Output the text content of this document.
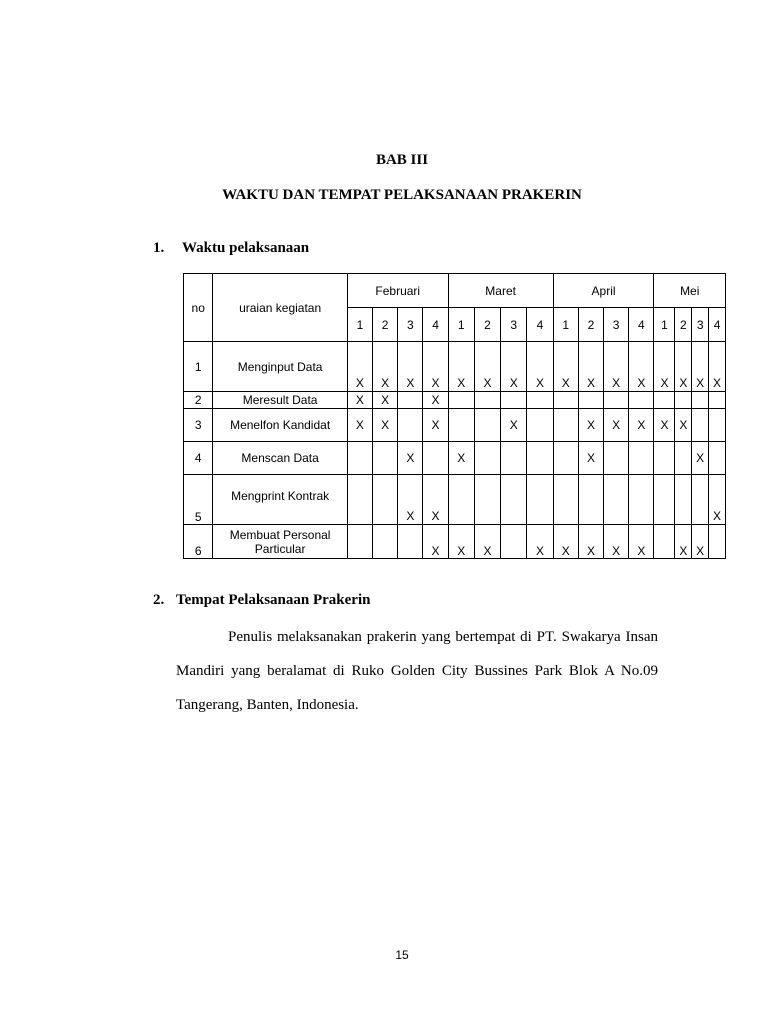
BAB III
WAKTU DAN TEMPAT PELAKSANAAN PRAKERIN
1. Waktu pelaksanaan
no	uraian kegiatan	Februari				Maret				April				Mei			
		1	2	3	4	1	2	3	4	1	2	3	4	1	2	3	4
1	Menginput Data	X	X	X	X	X	X	X	X	X	X	X	X	X	X	X	X
2	Meresult Data	X	X		X												
3	Menelfon Kandidat	X	X		X			X			X	X	X	X	X		
4	Menscan Data			X		X					X					X	
5	Mengprint Kontrak			X	X												X
6	Membuat Personal Particular				X	X	X		X	X	X	X	X		X	X	
2. Tempat Pelaksanaan Prakerin

Penulis melaksanakan prakerin yang bertempat di PT. Swakarya Insan Mandiri yang beralamat di Ruko Golden City Bussines Park Blok A No.09 Tangerang, Banten, Indonesia.

15
